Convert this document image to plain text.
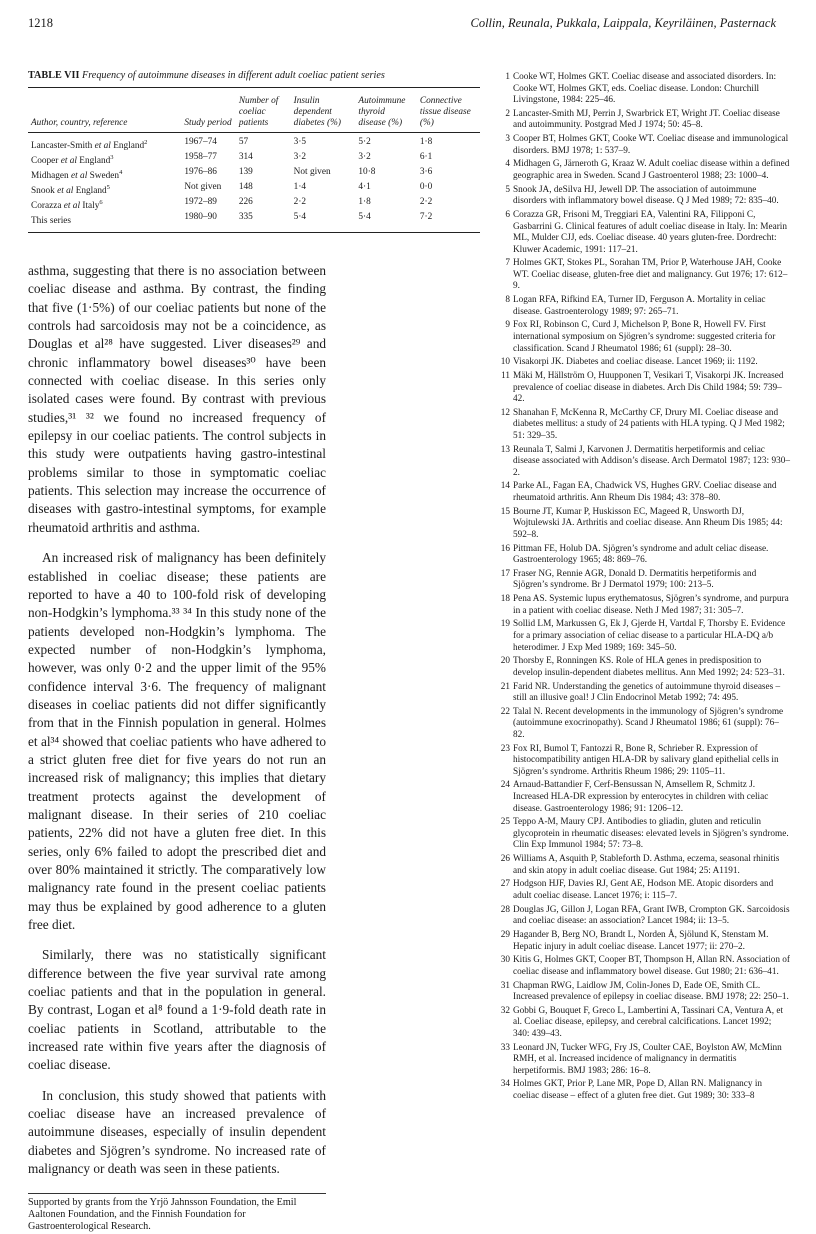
1218	Collin, Reunala, Pukkala, Laippala, Keyriläinen, Pasternack
TABLE VII Frequency of autoimmune diseases in different adult coeliac patient series

Author, country, reference	Study period	Number of coeliac patients	Insulin dependent diabetes (%)	Autoimmune thyroid disease (%)	Connective tissue disease (%)
Lancaster-Smith et al England$^2$	1967–74	57	3·5	5·2	1·8
Cooper et al England$^3$	1958–77	314	3·2	3·2	6·1
Midhagen et al Sweden$^4$	1976–86	139	Not given	10·8	3·6
Snook et al England$^5$	Not given	148	1·4	4·1	0·0
Corazza et al Italy$^6$	1972–89	226	2·2	1·8	2·2
This series	1980–90	335	5·4	5·4	7·2

asthma, suggesting that there is no association between coeliac disease and asthma. By contrast, the finding that five (1·5%) of our coeliac patients but none of the controls had sarcoidosis may not be a coincidence, as Douglas et al²⁸ have suggested. Liver diseases²⁹ and chronic inflammatory bowel diseases³⁰ have been connected with coeliac disease. In this series only isolated cases were found. By contrast with previous studies,³¹ ³² we found no increased frequency of epilepsy in our coeliac patients. The control subjects in this study were outpatients having gastro-intestinal problems similar to those in symptomatic coeliac patients. This selection may increase the occurrence of diseases with gastro-intestinal symptoms, for example rheumatoid arthritis and asthma.

An increased risk of malignancy has been definitely established in coeliac disease; these patients are reported to have a 40 to 100-fold risk of developing non-Hodgkin’s lymphoma.³³ ³⁴ In this study none of the patients developed non-Hodgkin’s lymphoma. The expected number of non-Hodgkin’s lymphoma, however, was only 0·2 and the upper limit of the 95% confidence interval 3·6. The frequency of malignant diseases in coeliac patients did not differ significantly from that in the Finnish population in general. Holmes et al³⁴ showed that coeliac patients who have adhered to a strict gluten free diet for five years do not run an increased risk of malignancy; this implies that dietary treatment protects against the development of malignant disease. In their series of 210 coeliac patients, 22% did not have a gluten free diet. In this series, only 6% failed to adopt the prescribed diet and over 80% maintained it strictly. The comparatively low malignancy rate found in the present coeliac patients may thus be explained by good adherence to a gluten free diet.

Similarly, there was no statistically significant difference between the five year survival rate among coeliac patients and that in the population in general. By contrast, Logan et al⁸ found a 1·9-fold death rate in coeliac patients in Scotland, attributable to the increased rate within five years after the diagnosis of coeliac disease.

In conclusion, this study showed that patients with coeliac disease have an increased prevalence of autoimmune diseases, especially of insulin dependent diabetes and Sjögren’s syndrome. No increased rate of malignancy or death was seen in these patients.

Supported by grants from the Yrjö Jahnsson Foundation, the Emil Aaltonen Foundation, and the Finnish Foundation for Gastroenterological Research.
1 Cooke WT, Holmes GKT. Coeliac disease and associated disorders. In: Cooke WT, Holmes GKT, eds. Coeliac disease. London: Churchill Livingstone, 1984: 225–46.
2 Lancaster-Smith MJ, Perrin J, Swarbrick ET, Wright JT. Coeliac disease and autoimmunity. Postgrad Med J 1974; 50: 45–8.
3 Cooper BT, Holmes GKT, Cooke WT. Coeliac disease and immunological disorders. BMJ 1978; 1: 537–9.
4 Midhagen G, Järneroth G, Kraaz W. Adult coeliac disease within a defined geographic area in Sweden. Scand J Gastroenterol 1988; 23: 1000–4.
5 Snook JA, deSilva HJ, Jewell DP. The association of autoimmune disorders with inflammatory bowel disease. Q J Med 1989; 72: 835–40.
6 Corazza GR, Frisoni M, Treggiari EA, Valentini RA, Filipponi C, Gasbarrini G. Clinical features of adult coeliac disease in Italy. In: Mearin ML, Mulder CJJ, eds. Coeliac disease. 40 years gluten-free. Dordrecht: Kluwer Academic, 1991: 117–21.
7 Holmes GKT, Stokes PL, Sorahan TM, Prior P, Waterhouse JAH, Cooke WT. Coeliac disease, gluten-free diet and malignancy. Gut 1976; 17: 612–9.
8 Logan RFA, Rifkind EA, Turner ID, Ferguson A. Mortality in celiac disease. Gastroenterology 1989; 97: 265–71.
9 Fox RI, Robinson C, Curd J, Michelson P, Bone R, Howell FV. First international symposium on Sjögren’s syndrome: suggested criteria for classification. Scand J Rheumatol 1986; 61 (suppl): 28–30.
10 Visakorpi JK. Diabetes and coeliac disease. Lancet 1969; ii: 1192.
11 Mäki M, Hällström O, Huupponen T, Vesikari T, Visakorpi JK. Increased prevalence of coeliac disease in diabetes. Arch Dis Child 1984; 59: 739–42.
12 Shanahan F, McKenna R, McCarthy CF, Drury MI. Coeliac disease and diabetes mellitus: a study of 24 patients with HLA typing. Q J Med 1982; 51: 329–35.
13 Reunala T, Salmi J, Karvonen J. Dermatitis herpetiformis and celiac disease associated with Addison’s disease. Arch Dermatol 1987; 123: 930–2.
14 Parke AL, Fagan EA, Chadwick VS, Hughes GRV. Coeliac disease and rheumatoid arthritis. Ann Rheum Dis 1984; 43: 378–80.
15 Bourne JT, Kumar P, Huskisson EC, Mageed R, Unsworth DJ, Wojtulewski JA. Arthritis and coeliac disease. Ann Rheum Dis 1985; 44: 592–8.
16 Pittman FE, Holub DA. Sjögren’s syndrome and adult celiac disease. Gastroenterology 1965; 48: 869–76.
17 Fraser NG, Rennie AGR, Donald D. Dermatitis herpetiformis and Sjögren’s syndrome. Br J Dermatol 1979; 100: 213–5.
18 Pena AS. Systemic lupus erythematosus, Sjögren’s syndrome, and purpura in a patient with coeliac disease. Neth J Med 1987; 31: 305–7.
19 Sollid LM, Markussen G, Ek J, Gjerde H, Vartdal F, Thorsby E. Evidence for a primary association of celiac disease to a particular HLA-DQ a/b heterodimer. J Exp Med 1989; 169: 345–50.
20 Thorsby E, Ronningen KS. Role of HLA genes in predisposition to develop insulin-dependent diabetes mellitus. Ann Med 1992; 24: 523–31.
21 Farid NR. Understanding the genetics of autoimmune thyroid diseases – still an illusive goal! J Clin Endocrinol Metab 1992; 74: 495.
22 Talal N. Recent developments in the immunology of Sjögren’s syndrome (autoimmune exocrinopathy). Scand J Rheumatol 1986; 61 (suppl): 76–82.
23 Fox RI, Bumol T, Fantozzi R, Bone R, Schrieber R. Expression of histocompatibility antigen HLA-DR by salivary gland epithelial cells in Sjögren’s syndrome. Arthritis Rheum 1986; 29: 1105–11.
24 Arnaud-Battandier F, Cerf-Bensussan N, Amsellem R, Schmitz J. Increased HLA-DR expression by enterocytes in children with celiac disease. Gastroenterology 1986; 91: 1206–12.
25 Teppo A-M, Maury CPJ. Antibodies to gliadin, gluten and reticulin glycoprotein in rheumatic diseases: elevated levels in Sjögren’s syndrome. Clin Exp Immunol 1984; 57: 73–8.
26 Williams A, Asquith P, Stableforth D. Asthma, eczema, seasonal rhinitis and skin atopy in adult coeliac disease. Gut 1984; 25: A1191.
27 Hodgson HJF, Davies RJ, Gent AE, Hodson ME. Atopic disorders and adult coeliac disease. Lancet 1976; i: 115–7.
28 Douglas JG, Gillon J, Logan RFA, Grant IWB, Crompton GK. Sarcoidosis and coeliac disease: an association? Lancet 1984; ii: 13–5.
29 Hagander B, Berg NO, Brandt L, Norden Å, Sjölund K, Stenstam M. Hepatic injury in adult coeliac disease. Lancet 1977; ii: 270–2.
30 Kitis G, Holmes GKT, Cooper BT, Thompson H, Allan RN. Association of coeliac disease and inflammatory bowel disease. Gut 1980; 21: 636–41.
31 Chapman RWG, Laidlow JM, Colin-Jones D, Eade OE, Smith CL. Increased prevalence of epilepsy in coeliac disease. BMJ 1978; 22: 250–1.
32 Gobbi G, Bouquet F, Greco L, Lambertini A, Tassinari CA, Ventura A, et al. Coeliac disease, epilepsy, and cerebral calcifications. Lancet 1992; 340: 439–43.
33 Leonard JN, Tucker WFG, Fry JS, Coulter CAE, Boylston AW, McMinn RMH, et al. Increased incidence of malignancy in dermatitis herpetiformis. BMJ 1983; 286: 16–8.
34 Holmes GKT, Prior P, Lane MR, Pope D, Allan RN. Malignancy in coeliac disease – effect of a gluten free diet. Gut 1989; 30: 333–8
